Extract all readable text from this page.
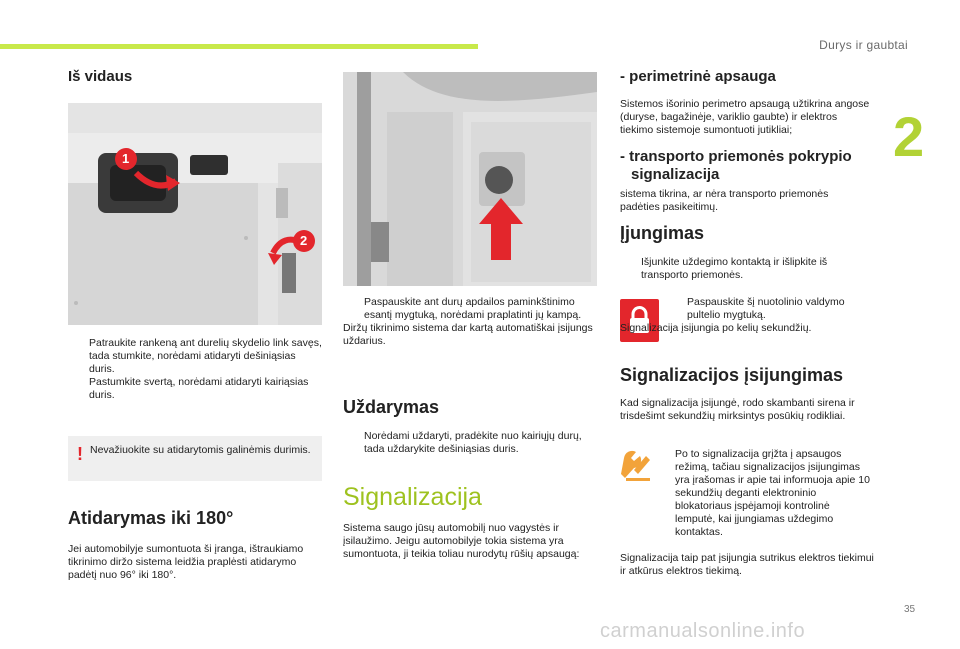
Durys ir gaubtai
2
35
carmanualsonline.info
Iš vidaus
1
2
Patraukite rankeną ant durelių skydelio link savęs, tada stumkite, norėdami atidaryti dešiniąsias duris.
Pastumkite svertą, norėdami atidaryti kairiąsias duris.
! Nevažiuokite su atidarytomis galinėmis durimis.
Atidarymas iki 180°
Jei automobilyje sumontuota ši įranga, ištraukiamo tikrinimo diržo sistema leidžia praplėsti atidarymo padėtį nuo 96° iki 180°.
Paspauskite ant durų apdailos paminkštinimo esantį mygtuką, norėdami praplatinti jų kampą.
Diržų tikrinimo sistema dar kartą automatiškai įsijungs uždarius.
Uždarymas
Norėdami uždaryti, pradėkite nuo kairiųjų durų, tada uždarykite dešiniąsias duris.
Signalizacija
Sistema saugo jūsų automobilį nuo vagystės ir įsilaužimo. Jeigu automobilyje tokia sistema yra sumontuota, ji teikia toliau nurodytų rūšių apsaugą:
- perimetrinė apsauga
Sistemos išorinio perimetro apsaugą užtikrina angose (duryse, bagažinėje, variklio gaubte) ir elektros tiekimo sistemoje sumontuoti jutikliai;
- transporto priemonės pokrypio signalizacija
sistema tikrina, ar nėra transporto priemonės padėties pasikeitimų.
Įjungimas
Išjunkite uždegimo kontaktą ir išlipkite iš transporto priemonės.
Paspauskite šį nuotolinio valdymo pultelio mygtuką.
Signalizacija įsijungia po kelių sekundžių.
Signalizacijos įsijungimas
Kad signalizacija įsijungė, rodo skambanti sirena ir trisdešimt sekundžių mirksintys posūkių rodikliai.
Po to signalizacija grįžta į apsaugos režimą, tačiau signalizacijos įsijungimas yra įrašomas ir apie tai informuoja apie 10 sekundžių deganti elektroninio blokatoriaus įspėjamoji kontrolinė lemputė, kai įjungiamas uždegimo kontaktas.
Signalizacija taip pat įsijungia sutrikus elektros tiekimui ir atkūrus elektros tiekimą.
